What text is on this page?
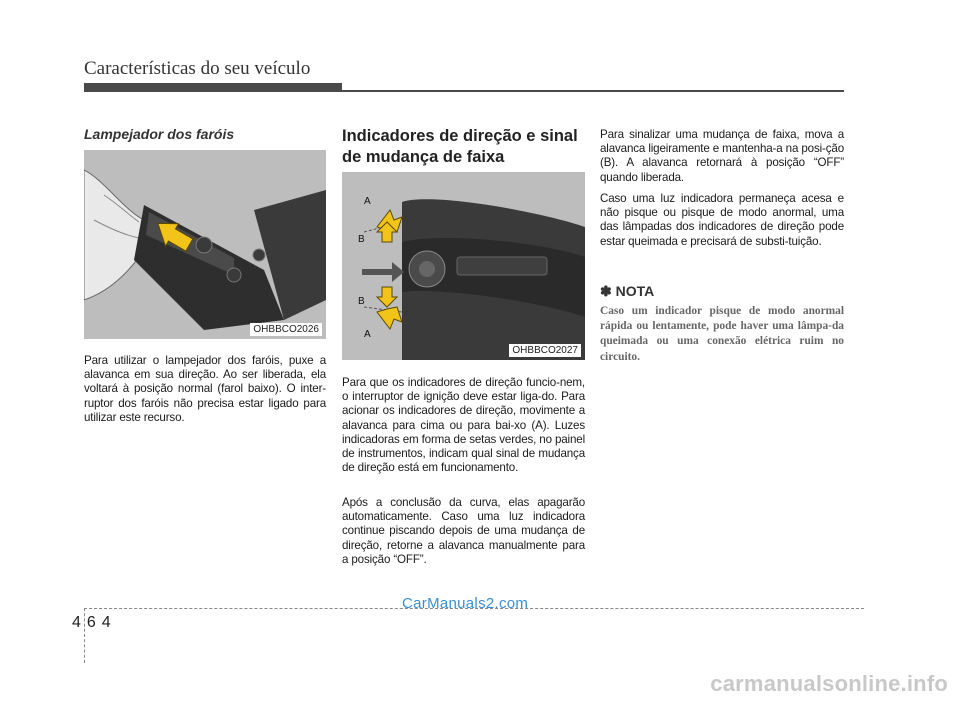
Características do seu veículo
Lampejador dos faróis
OHBBCO2026

Para utilizar o lampejador dos faróis, puxe a alavanca em sua direção. Ao ser liberada, ela voltará à posição normal (farol baixo). O inter-ruptor dos faróis não precisa estar ligado para utilizar este recurso.

Indicadores de direção e sinal de mudança de faixa
A
B
B
A
OHBBCO2027

Para que os indicadores de direção funcio-nem, o interruptor de ignição deve estar liga-do. Para acionar os indicadores de direção, movimente a alavanca para cima ou para bai-xo (A). Luzes indicadoras em forma de setas verdes, no painel de instrumentos, indicam qual sinal de mudança de direção está em funcionamento.

Após a conclusão da curva, elas apagarão automaticamente. Caso uma luz indicadora continue piscando depois de uma mudança de direção, retorne a alavanca manualmente para a posição “OFF”.

Para sinalizar uma mudança de faixa, mova a alavanca ligeiramente e mantenha-a na posi-ção (B). A alavanca retornará à posição “OFF” quando liberada.

Caso uma luz indicadora permaneça acesa e não pisque ou pisque de modo anormal, uma das lâmpadas dos indicadores de direção pode estar queimada e precisará de substi-tuição.

✽ NOTA

Caso um indicador pisque de modo anormal rápida ou lentamente, pode haver uma lâmpa-da queimada ou uma conexão elétrica ruim no circuito.

CarManuals2.com
464
carmanualsonline.info
